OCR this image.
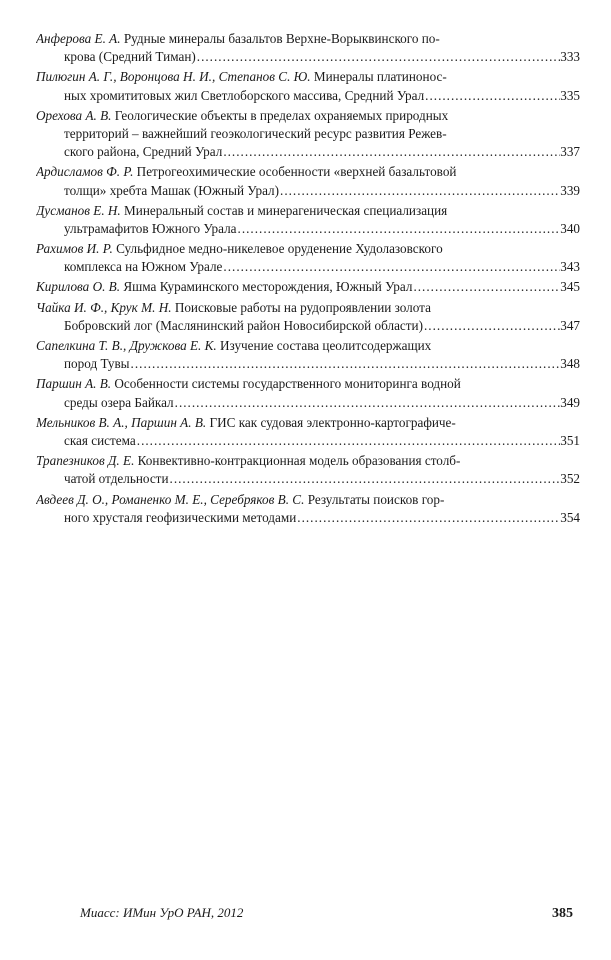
Анферова Е. А. Рудные минералы базальтов Верхне-Ворыквинского по-
крова (Средний Тиман) .....	333
Пилюгин А. Г., Воронцова Н. И., Степанов С. Ю. Минералы платинонос-
ных хромититовых жил Светлоборского массива, Средний Урал .....	335
Орехова А. В. Геологические объекты в пределах охраняемых природных
территорий – важнейший геоэкологический ресурс развития Режев-
ского района, Средний Урал .....	337
Ардисламов Ф. Р. Петрогеохимические особенности «верхней базальтовой
толщи» хребта Машак (Южный Урал) .....	339
Дусманов Е. Н. Минеральный состав и минерагеническая специализация
ультрамафитов Южного Урала .....	340
Рахимов И. Р. Сульфидное медно-никелевое оруденение Худолазовского
комплекса на Южном Урале .....	343
Кирилова О. В. Яшма Кураминского месторождения, Южный Урал .....	345
Чайка И. Ф., Крук М. Н. Поисковые работы на рудопроявлении золота
Бобровский лог (Маслянинский район Новосибирской области) .....	347
Сапелкина Т. В., Дружкова Е. К. Изучение состава цеолитсодержащих
пород Тувы .....	348
Паршин А. В. Особенности системы государственного мониторинга водной
среды озера Байкал .....	349
Мельников В. А., Паршин А. В. ГИС как судовая электронно-картографиче-
ская система .....	351
Трапезников Д. Е. Конвективно-контракционная модель образования столб-
чатой отдельности .....	352
Авдеев Д. О., Романенко М. Е., Серебряков В. С. Результаты поисков гор-
ного хрусталя геофизическими методами .....	354
Миасс: ИМин УрО РАН, 2012	385
